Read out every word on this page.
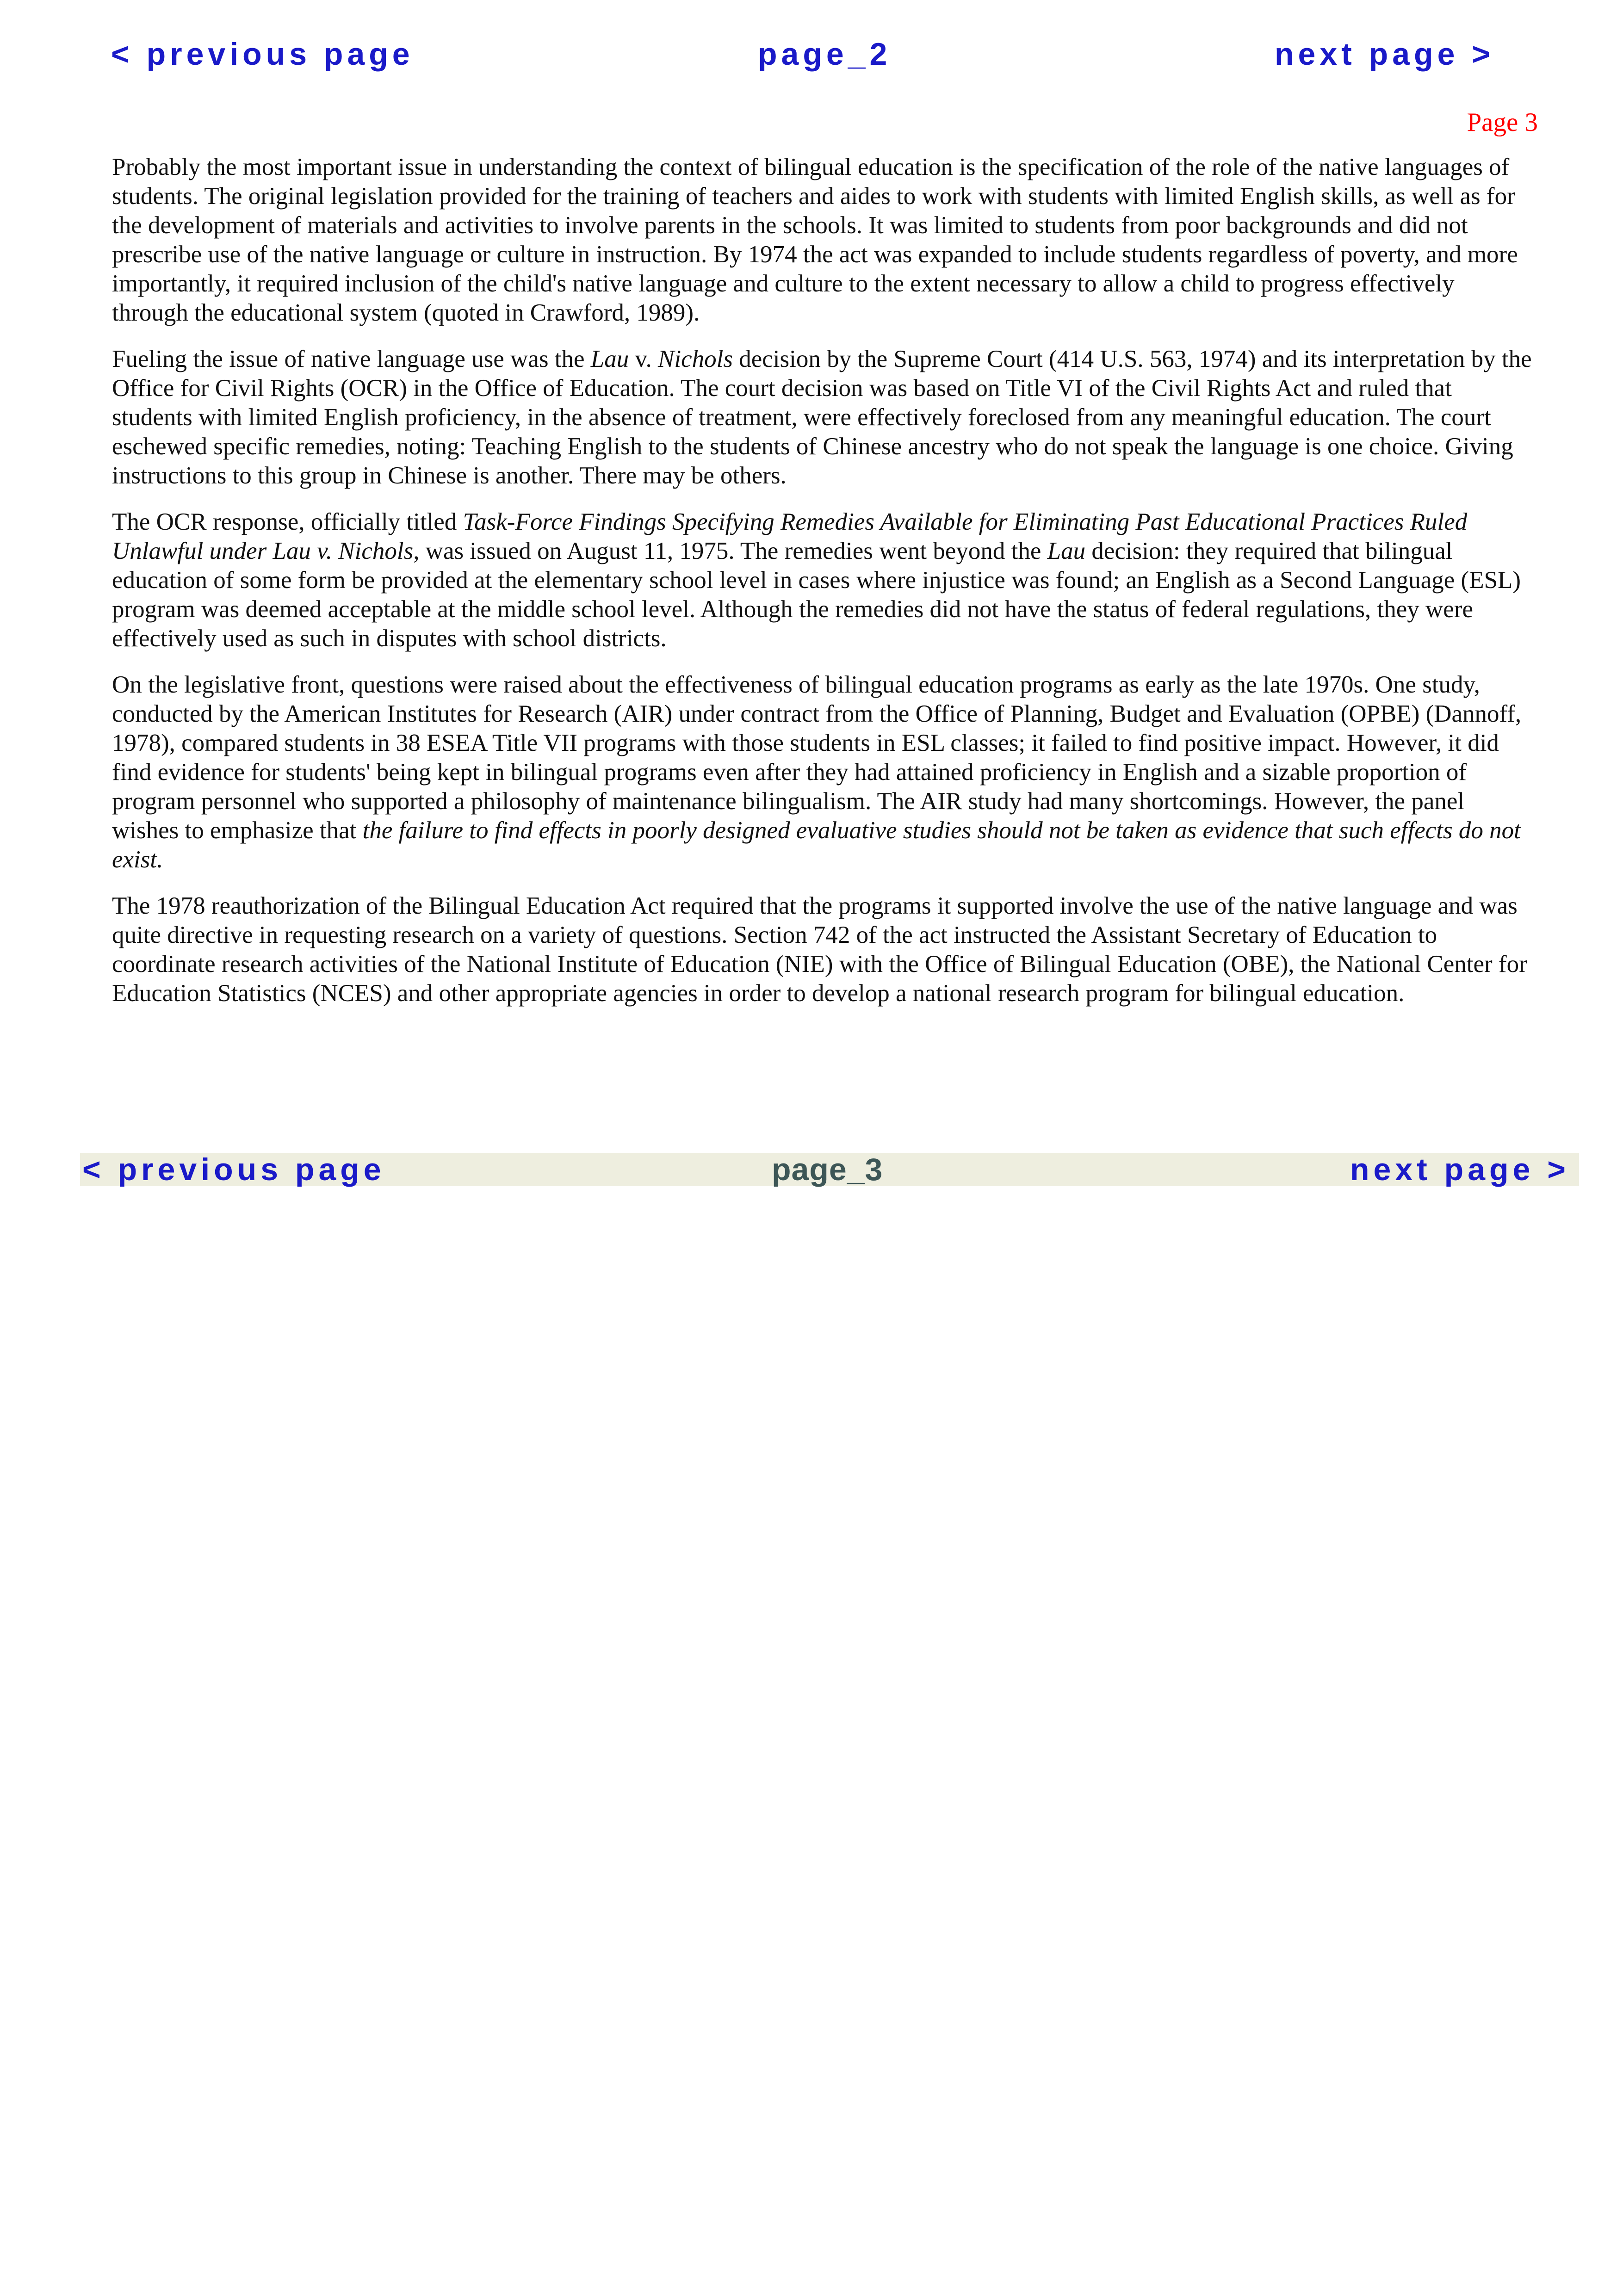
< previous page	page_2	next page >
Page 3

Probably the most important issue in understanding the context of bilingual education is the specification of the role of the native languages of students. The original legislation provided for the training of teachers and aides to work with students with limited English skills, as well as for the development of materials and activities to involve parents in the schools. It was limited to students from poor backgrounds and did not prescribe use of the native language or culture in instruction. By 1974 the act was expanded to include students regardless of poverty, and more importantly, it required inclusion of the child's native language and culture to the extent necessary to allow a child to progress effectively through the educational system (quoted in Crawford, 1989).

Fueling the issue of native language use was the Lau v. Nichols decision by the Supreme Court (414 U.S. 563, 1974) and its interpretation by the Office for Civil Rights (OCR) in the Office of Education. The court decision was based on Title VI of the Civil Rights Act and ruled that students with limited English proficiency, in the absence of treatment, were effectively foreclosed from any meaningful education. The court eschewed specific remedies, noting: Teaching English to the students of Chinese ancestry who do not speak the language is one choice. Giving instructions to this group in Chinese is another. There may be others.

The OCR response, officially titled Task-Force Findings Specifying Remedies Available for Eliminating Past Educational Practices Ruled Unlawful under Lau v. Nichols, was issued on August 11, 1975. The remedies went beyond the Lau decision: they required that bilingual education of some form be provided at the elementary school level in cases where injustice was found; an English as a Second Language (ESL) program was deemed acceptable at the middle school level. Although the remedies did not have the status of federal regulations, they were effectively used as such in disputes with school districts.

On the legislative front, questions were raised about the effectiveness of bilingual education programs as early as the late 1970s. One study, conducted by the American Institutes for Research (AIR) under contract from the Office of Planning, Budget and Evaluation (OPBE) (Dannoff, 1978), compared students in 38 ESEA Title VII programs with those students in ESL classes; it failed to find positive impact. However, it did find evidence for students' being kept in bilingual programs even after they had attained proficiency in English and a sizable proportion of program personnel who supported a philosophy of maintenance bilingualism. The AIR study had many shortcomings. However, the panel wishes to emphasize that the failure to find effects in poorly designed evaluative studies should not be taken as evidence that such effects do not exist.

The 1978 reauthorization of the Bilingual Education Act required that the programs it supported involve the use of the native language and was quite directive in requesting research on a variety of questions. Section 742 of the act instructed the Assistant Secretary of Education to coordinate research activities of the National Institute of Education (NIE) with the Office of Bilingual Education (OBE), the National Center for Education Statistics (NCES) and other appropriate agencies in order to develop a national research program for bilingual education.

< previous page	page_3	next page >
